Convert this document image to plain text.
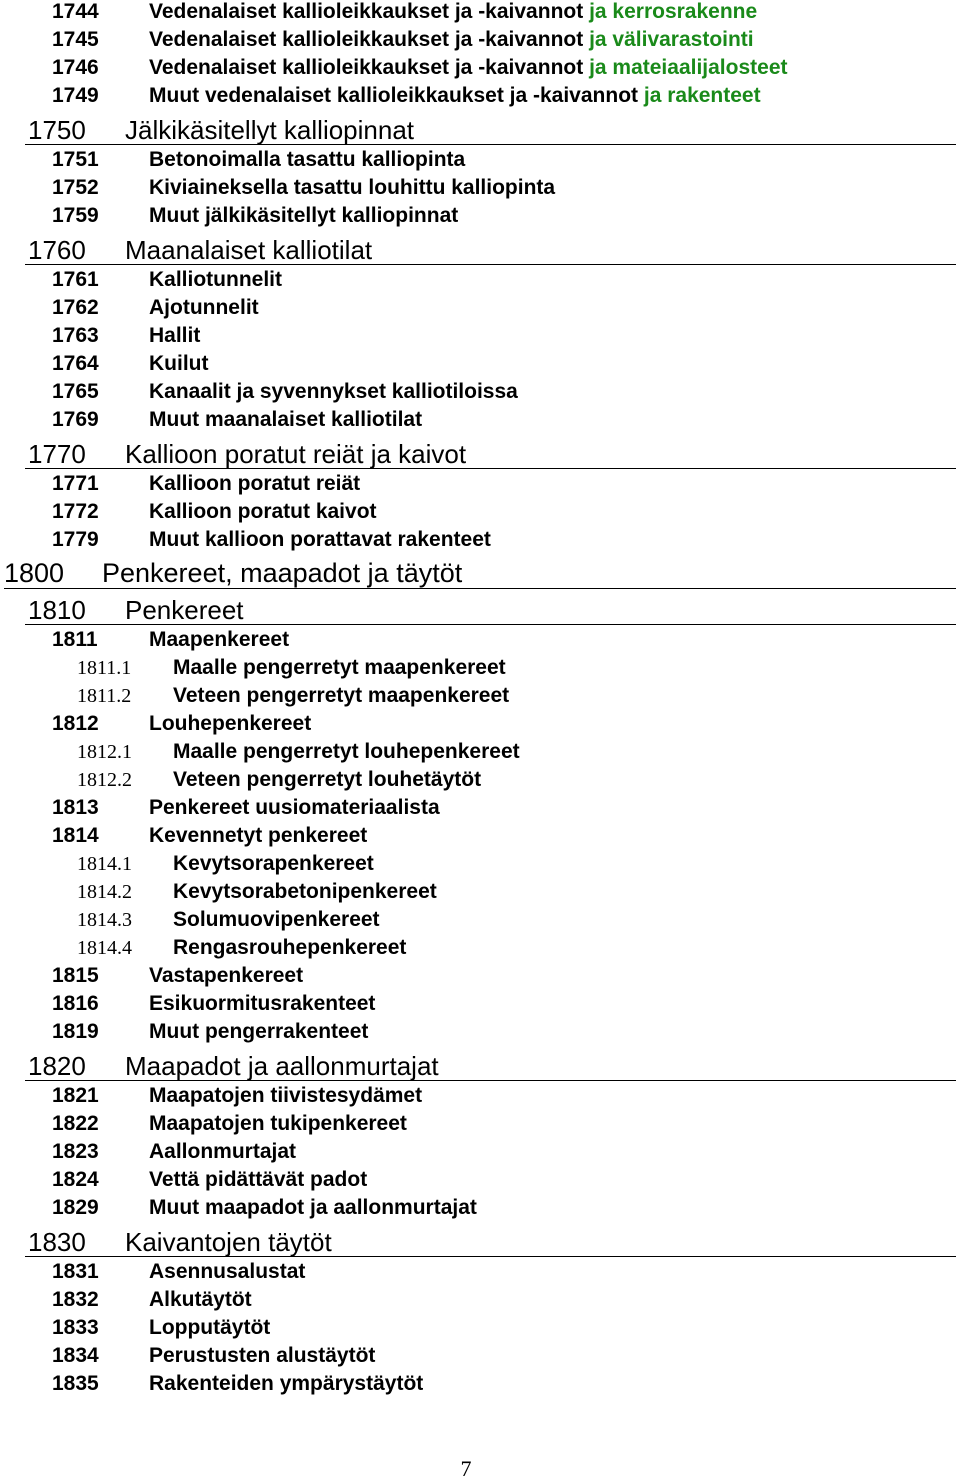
1744 Vedenalaiset kallioleikkaukset ja -kaivannot ja kerrosrakenne
1745 Vedenalaiset kallioleikkaukset ja -kaivannot ja välivarastointi
1746 Vedenalaiset kallioleikkaukset ja -kaivannot ja mateiaalijalosteet
1749 Muut vedenalaiset kallioleikkaukset ja -kaivannot ja rakenteet
1750 Jälkikäsitellyt kalliopinnat
1751 Betonoimalla tasattu kalliopinta
1752 Kiviaineksella tasattu louhittu kalliopinta
1759 Muut jälkikäsitellyt kalliopinnat
1760 Maanalaiset kalliotilat
1761 Kalliotunnelit
1762 Ajotunnelit
1763 Hallit
1764 Kuilut
1765 Kanaalit ja syvennykset kalliotiloissa
1769 Muut maanalaiset kalliotilat
1770 Kallioon poratut reiät ja kaivot
1771 Kallioon poratut reiät
1772 Kallioon poratut kaivot
1779 Muut kallioon porattavat rakenteet
1800 Penkereet, maapadot ja täytöt
1810 Penkereet
1811 Maapenkereet
1811.1 Maalle pengerretyt maapenkereet
1811.2 Veteen pengerretyt maapenkereet
1812 Louhepenkereet
1812.1 Maalle pengerretyt louhepenkereet
1812.2 Veteen pengerretyt louhetäytöt
1813 Penkereet uusiomateriaalista
1814 Kevennetyt penkereet
1814.1 Kevytsorapenkereet
1814.2 Kevytsorabetonipenkereet
1814.3 Solumuovipenkereet
1814.4 Rengasrouhepenkereet
1815 Vastapenkereet
1816 Esikuormitusrakenteet
1819 Muut pengerrakenteet
1820 Maapadot ja aallonmurtajat
1821 Maapatojen tiivistesydämet
1822 Maapatojen tukipenkereet
1823 Aallonmurtajat
1824 Vettä pidättävät padot
1829 Muut maapadot ja aallonmurtajat
1830 Kaivantojen täytöt
1831 Asennusalustat
1832 Alkutäytöt
1833 Lopputäytöt
1834 Perustusten alustäytöt
1835 Rakenteiden ympärystäytöt
7
